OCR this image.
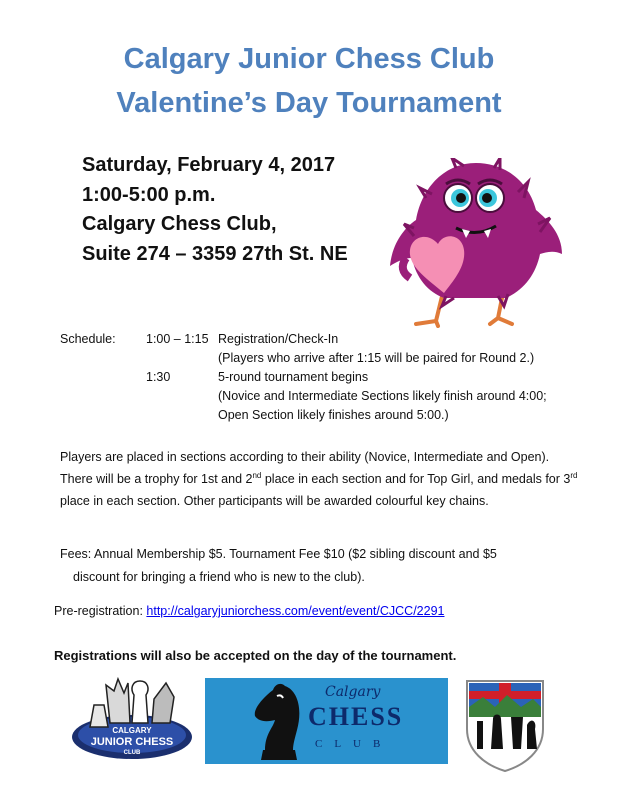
Calgary Junior Chess Club
Valentine’s Day Tournament
Saturday, February 4, 2017
1:00-5:00 p.m.
Calgary Chess Club,
Suite 274 – 3359 27th St. NE
Schedule:	1:00 – 1:15 Registration/Check-In
(Players who arrive after 1:15 will be paired for Round 2.)
1:30	5-round tournament begins
(Novice and Intermediate Sections likely finish around 4:00;
Open Section likely finishes around 5:00.)
Players are placed in sections according to their ability (Novice, Intermediate and Open). There will be a trophy for 1st and 2nd place in each section and for Top Girl, and medals for 3rd place in each section. Other participants will be awarded colourful key chains.
Fees: Annual Membership $5. Tournament Fee $10 ($2 sibling discount and $5
discount for bringing a friend who is new to the club).
Pre-registration: http://calgaryjuniorchess.com/event/event/CJCC/2291
Registrations will also be accepted on the day of the tournament.
CALGARY
JUNIOR CHESS
CLUB
Calgary
CHESS
CLUB
